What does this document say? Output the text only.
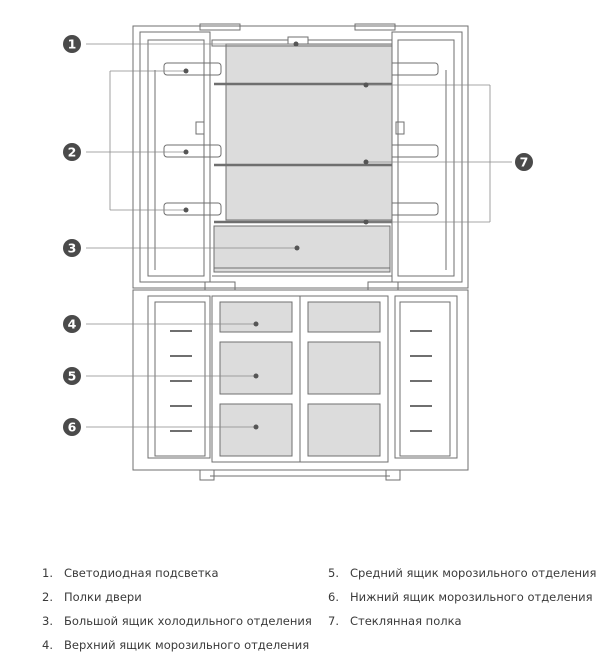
1
2
3
4
5
6
7
1. Светодиодная подсветка
2. Полки двери
3. Большой ящик холодильного отделения
4. Верхний ящик морозильного отделения
5. Средний ящик морозильного отделения
6. Нижний ящик морозильного отделения
7. Стеклянная полка
